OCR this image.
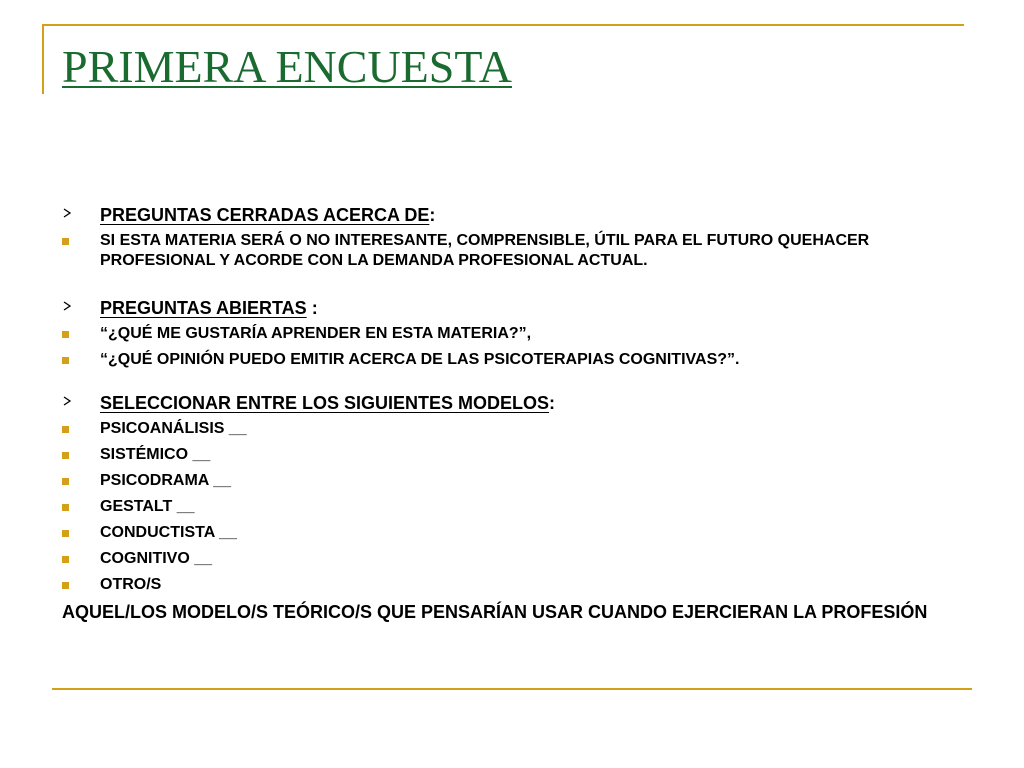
PRIMERA ENCUESTA
PREGUNTAS CERRADAS ACERCA DE:
SI ESTA MATERIA SERÁ O NO INTERESANTE, COMPRENSIBLE, ÚTIL PARA EL FUTURO QUEHACER PROFESIONAL Y ACORDE CON LA DEMANDA PROFESIONAL ACTUAL.
PREGUNTAS ABIERTAS :
“¿QUÉ ME GUSTARÍA APRENDER EN ESTA MATERIA?”,
“¿QUÉ OPINIÓN PUEDO EMITIR ACERCA DE LAS PSICOTERAPIAS COGNITIVAS?”.
SELECCIONAR ENTRE LOS SIGUIENTES MODELOS:
PSICOANÁLISIS __
SISTÉMICO __
PSICODRAMA __
GESTALT __
CONDUCTISTA __
COGNITIVO __
OTRO/S
AQUEL/LOS MODELO/S TEÓRICO/S QUE PENSARÍAN USAR CUANDO EJERCIERAN LA PROFESIÓN
